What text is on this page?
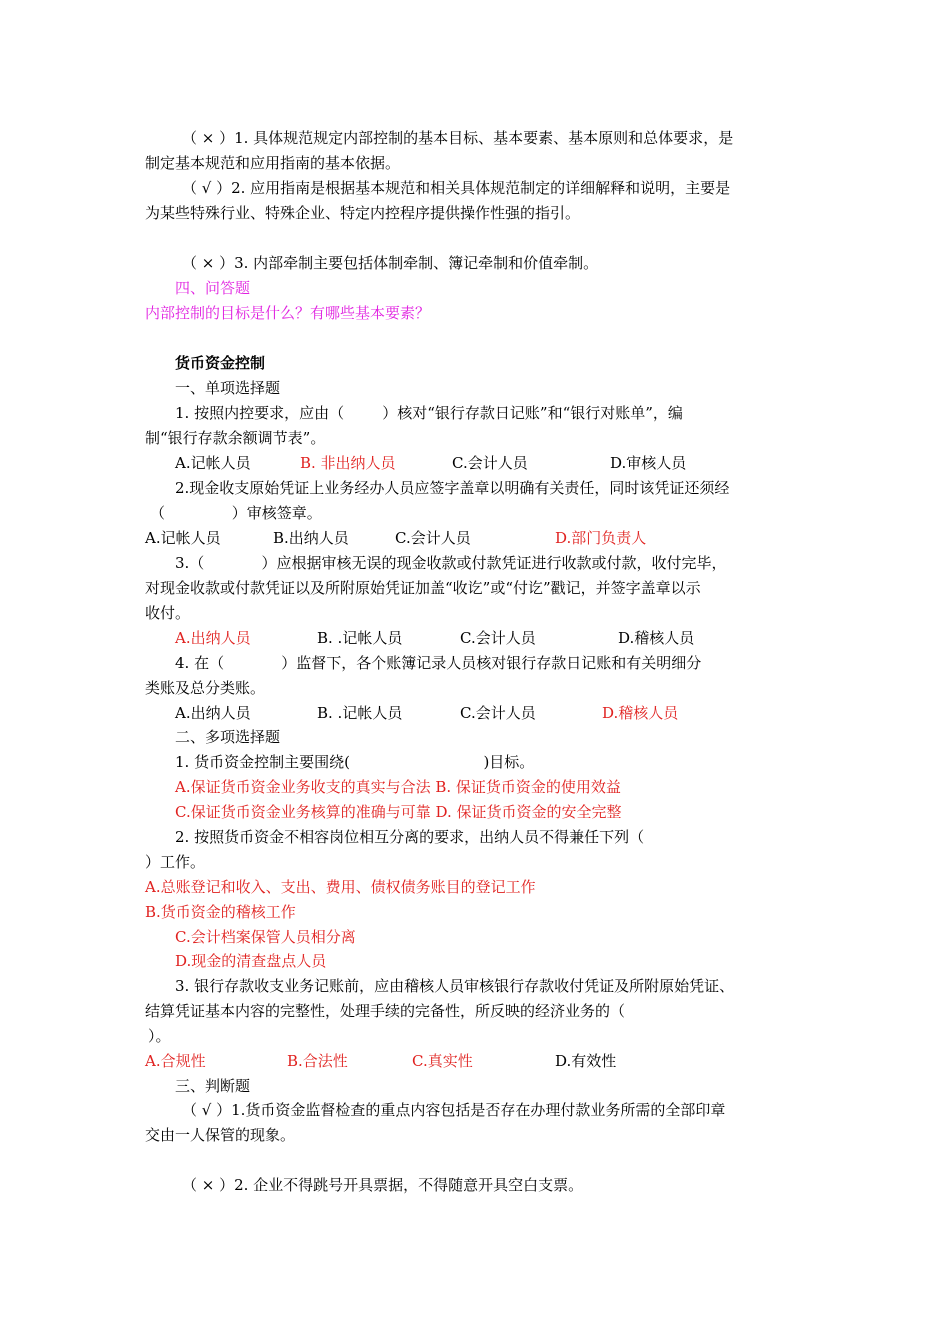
（ × ）1. 具体规范规定内部控制的基本目标、基本要素、基本原则和总体要求，是
制定基本规范和应用指南的基本依据。
（ √ ）2. 应用指南是根据基本规范和相关具体规范制定的详细解释和说明，主要是
为某些特殊行业、特殊企业、特定内控程序提供操作性强的指引。
（ × ）3. 内部牵制主要包括体制牵制、簿记牵制和价值牵制。
四、问答题
内部控制的目标是什么？有哪些基本要素？
货币资金控制
一、单项选择题
1. 按照内控要求，应由（        ）核对“银行存款日记账”和“银行对账单”，编
制“银行存款余额调节表”。

A.记帐人员

	B. 非出纳人员

	C.会计人员

	D.审核人员

2.现金收支原始凭证上业务经办人员应签字盖章以明确有关责任，同时该凭证还须经
（              ）审核签章。

A.记帐人员

	B.出纳人员

	C.会计人员

	D.部门负责人

3.（            ）应根据审核无误的现金收款或付款凭证进行收款或付款，收付完毕，
对现金收款或付款凭证以及所附原始凭证加盖“收讫”或“付讫”戳记，并签字盖章以示
收付。

A.出纳人员

	B. .记帐人员

	C.会计人员

	D.稽核人员

4. 在（            ）监督下，各个账簿记录人员核对银行存款日记账和有关明细分
类账及总分类账。

A.出纳人员

	B. .记帐人员

	C.会计人员

	D.稽核人员

二、多项选择题
1. 货币资金控制主要围绕(                            )目标。
A.保证货币资金业务收支的真实与合法 B. 保证货币资金的使用效益
C.保证货币资金业务核算的准确与可靠 D. 保证货币资金的安全完整
2. 按照货币资金不相容岗位相互分离的要求，出纳人员不得兼任下列（
）工作。
A.总账登记和收入、支出、费用、债权债务账目的登记工作
B.货币资金的稽核工作
C.会计档案保管人员相分离
D.现金的清查盘点人员
3. 银行存款收支业务记账前，应由稽核人员审核银行存款收付凭证及所附原始凭证、
结算凭证基本内容的完整性，处理手续的完备性，所反映的经济业务的（
）。

A.合规性

	B.合法性

	C.真实性

	D.有效性

三、判断题
（ √ ）1.货币资金监督检查的重点内容包括是否存在办理付款业务所需的全部印章
交由一人保管的现象。
（ × ）2. 企业不得跳号开具票据，不得随意开具空白支票。
